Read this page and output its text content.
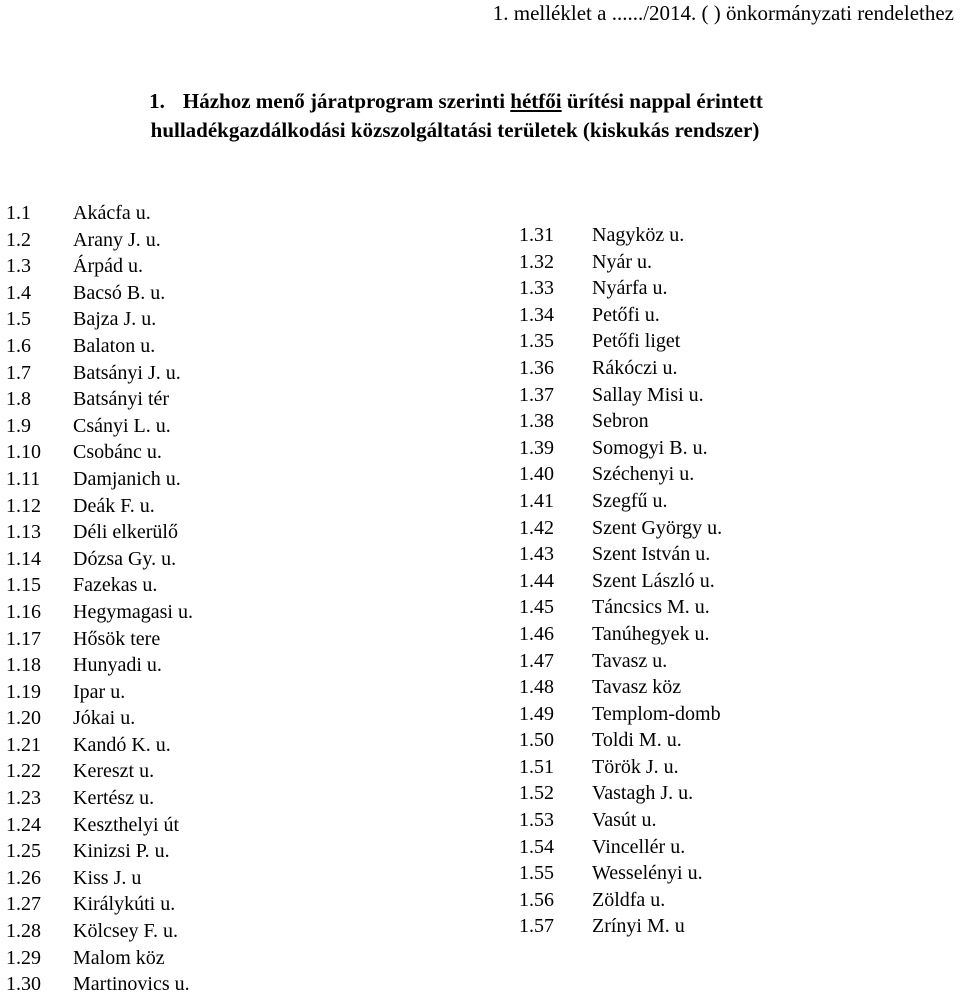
1. melléklet a ....../2014. ( ) önkormányzati rendelethez
1. Házhoz menő járatprogram szerinti hétfői ürítési nappal érintett
hulladékgazdálkodási közszolgáltatási területek (kiskukás rendszer)
1.1 Akácfa u.
1.2 Arany J. u.
1.3 Árpád u.
1.4 Bacsó B. u.
1.5 Bajza J. u.
1.6 Balaton u.
1.7 Batsányi J. u.
1.8 Batsányi tér
1.9 Csányi L. u.
1.10 Csobánc u.
1.11 Damjanich u.
1.12 Deák F. u.
1.13 Déli elkerülő
1.14 Dózsa Gy. u.
1.15 Fazekas u.
1.16 Hegymagasi u.
1.17 Hősök tere
1.18 Hunyadi u.
1.19 Ipar u.
1.20 Jókai u.
1.21 Kandó K. u.
1.22 Kereszt u.
1.23 Kertész u.
1.24 Keszthelyi út
1.25 Kinizsi P. u.
1.26 Kiss J. u
1.27 Királykúti u.
1.28 Kölcsey F. u.
1.29 Malom köz
1.30 Martinovics u.
1.31 Nagyköz u.
1.32 Nyár u.
1.33 Nyárfa u.
1.34 Petőfi u.
1.35 Petőfi liget
1.36 Rákóczi u.
1.37 Sallay Misi u.
1.38 Sebron
1.39 Somogyi B. u.
1.40 Széchenyi u.
1.41 Szegfű u.
1.42 Szent György u.
1.43 Szent István u.
1.44 Szent László u.
1.45 Táncsics M. u.
1.46 Tanúhegyek u.
1.47 Tavasz u.
1.48 Tavasz köz
1.49 Templom-domb
1.50 Toldi M. u.
1.51 Török J. u.
1.52 Vastagh J. u.
1.53 Vasút u.
1.54 Vincellér u.
1.55 Wesselényi u.
1.56 Zöldfa u.
1.57 Zrínyi M. u
